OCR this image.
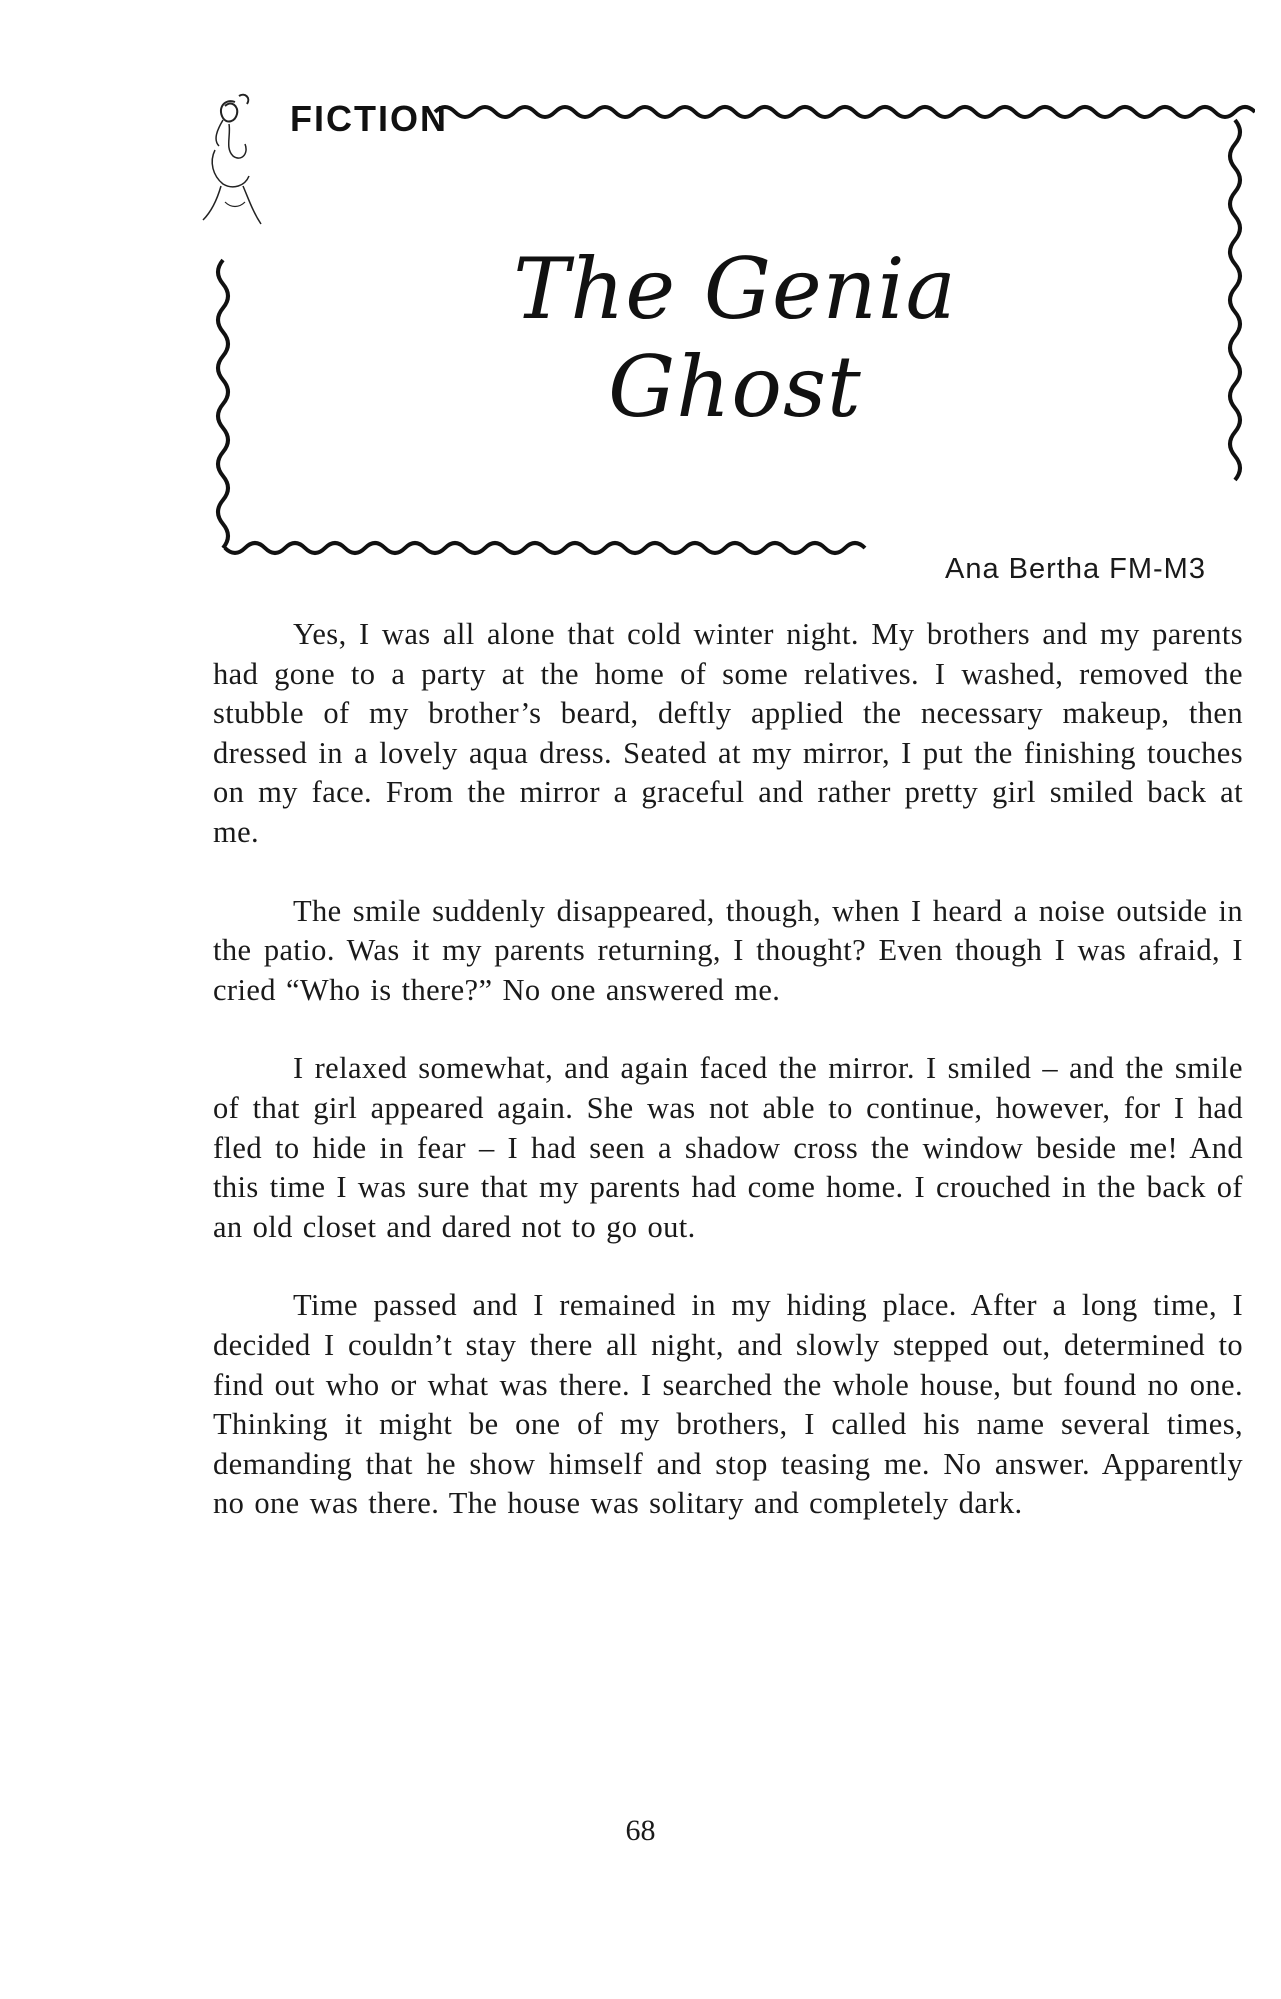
FICTION
The Genia Ghost
Ana Bertha FM-M3

Yes, I was all alone that cold winter night. My brothers and my parents had gone to a party at the home of some relatives. I washed, removed the stubble of my brother’s beard, deftly applied the necessary makeup, then dressed in a lovely aqua dress. Seated at my mirror, I put the finishing touches on my face. From the mirror a graceful and rather pretty girl smiled back at me.

The smile suddenly disappeared, though, when I heard a noise outside in the patio. Was it my parents returning, I thought? Even though I was afraid, I cried “Who is there?” No one answered me.

I relaxed somewhat, and again faced the mirror. I smiled – and the smile of that girl appeared again. She was not able to continue, however, for I had fled to hide in fear – I had seen a shadow cross the window beside me! And this time I was sure that my parents had come home. I crouched in the back of an old closet and dared not to go out.

Time passed and I remained in my hiding place. After a long time, I decided I couldn’t stay there all night, and slowly stepped out, determined to find out who or what was there. I searched the whole house, but found no one. Thinking it might be one of my brothers, I called his name several times, demanding that he show himself and stop teasing me. No answer. Apparently no one was there. The house was solitary and completely dark.

68
